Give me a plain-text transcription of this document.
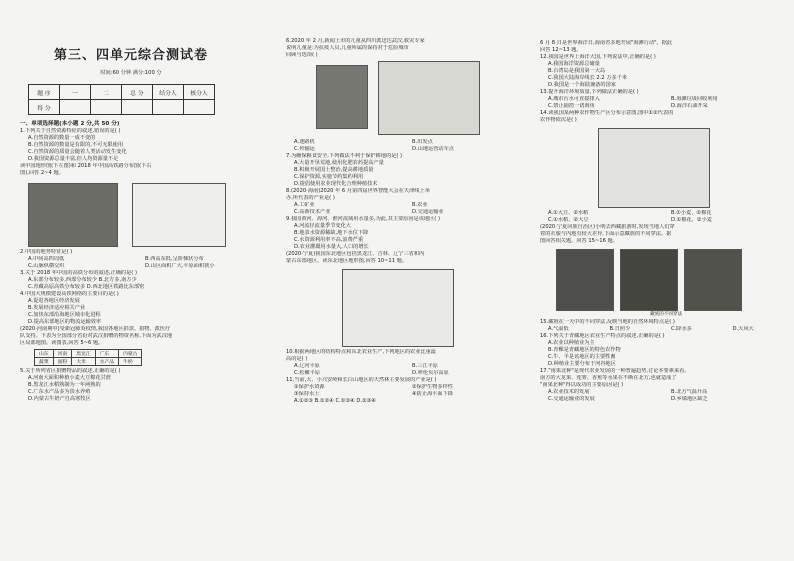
第三、四单元综合测试卷

时间:60 分钟 满分:100 分

题 序	一	二	总 分	结分人	核分人
得 分					
一、单项选择题(本小题 2 分,共 50 分)
1.下列关于自然资源特征的叙述,错误的是( )
A.自然资源的数量一成不变的
B.自然资源的数量是有限的,不可无限使用
C.自然资源的质量会随着人类活动发生变化
D.我国资源总量丰富,但人均资源量不足
读中国地形图(下左图)和 2018 年中国高铁路分布图(下右
图),回答 2~4 题。
2.中国的地势特征是( )
A.中间高四周低	B.西高东低,呈阶梯状分布
C.山脉纵横交织	D.山区面积广大,平原面积狭小
3.关于 2018 年中国的高铁分布的叙述,正确的是( )
A.东部分布较多,西部分布较少 B.北方多,南方少
C.青藏高原高铁分布较多 D.西北地区铁路比东部密
4.中国大规模建设高铁网络的主要目的是( )
A.促进各地区经济发展
B.发展经济适应相关产业
C.加快东部沿海地区城市化进程
D.提高东部地区的物流运输效率
(2020·河南期中)受新冠肺炎疫情,我国各地区捐款、捐物、派医疗
队支持。下表为全国部分省份对武汉捐赠的物资名称,下面为武汉地
区局部地图。读图表,回答 5~6 题。
山东	河南	黑龙江	广东	内蒙古
蔬菜	面粉	大米	水产品	牛奶
5.关于所列省区捐赠物品的叙述,正确的是( )
A.河南大面积种植小麦大豆棉花甘蔗
B.黑龙江水稻熟制为一年两熟的
C.广东水产品多为淡水养殖
D.内蒙古牛奶产自高寒牧区
6.2020 年 2 月,新闻上市的儿童从四川派送达武汉,救灾专家
说明儿童是:为抗疫人员,儿童所属的保持对于危险城市
回顾与选项( )
A.迷路机	B.出发点
C.传输运	D.山地运营动车点
7.为确保粮食安全,下列做法不利于保护耕地的是( )
A.大量开垦荒地,使用化肥农药提高产量
B.积极开展国土整治,提高耕地质量
C.保护资源,实施节约集约利用
D.提倡使用农业现代化合理种植技术
8.(2020·海南)2020 年 6 月第四届世界智能大会在天津线上举
办,所代表的产业是( )
A.工矿业	B.农业
C.高新技术产业	D.交通运输业
9.我国黄河、海河、淮河流域用水量多,为此,其主要原因是该地区( )
A.河流径流量季节变化大
B.地表水资源稀缺,地下水位下降
C.水资源利用率不高,浪费严重
D.农业灌溉用水量大,人口的增长
(2020·宁夏)我国东北地区包括黑龙江、吉林、辽宁三省和内
蒙古东部地区。读东北地区地形图,回答 10~11 题。
10.根据两地区的结构特点和东北农业生产,下列地区的农业比重最
高的是( )
A.辽河平原	B.三江平原
C.松嫩平原	D.呼伦贝尔高原
11.当前,大、小兴安岭和长白山地区的天然林主要发展的产业是( )
①保护水资源	②保护生物多样性
③保持水土	④防止海平面下降
A.①②③ B.①②④ C.①③④ D.②③④
6 月 8 日是世界海洋日,海南省多地开展"海滩行动"。据此
回答 12~13 题。
12.我国是世界上海洋大国,下列说法中,正确的是( )
A.我国海洋资源总储量
B.台湾岛是我国第一大岛
C.我国大陆海岸线长 2.2 万多千米
D.我国是一个海陆兼备的国家
13.提升海洋环境质量,下列做法正确的是( )
A.城市污水可直接排入	B.海滩垃圾回收利用
C.禁止捕捞一切海鱼	D.海洋石油开采
14.读我国某两种农作物生产区分布示意图,图中①②代表的
农作物依次是( )
A.①大豆、②水稻	B.①小麦、②棉花
C.①水稻、②大豆	D.①棉花、②小麦
(2020·宁夏回族自治区)小明去西藏旅游时,发现当地人们穿
着的衣服与内地有较大差异,下面示意藏族的不同穿法。据
图回答相关题。回答 15~16 题。
藏族的不同穿法
15.藏袍在一天中的不同穿法,反映当地的自然环境特点是( )
A.气温低	B.日照少	C.降水多	D.大风大
16.下列关于青藏地区农业生产特点的叙述,正确的是( )
A.农业以种植业为主
B.青稞是青藏地区的特色农作物
C.牛、羊是该地区的主要牲畜
D.种植业主要分布于河谷地区
17."南果北种"是现代农业发展的一种普遍趋势,讨论本要素来看,
南方的大龙果、莲雾、香蕉等水果在不断在北方,也就造成了
"南果北种"得以成功的主要原因是( )
A.农业技术的发展	B.北方气温升高
C.交通运输业的发展	D.乡镇地区缺乏
